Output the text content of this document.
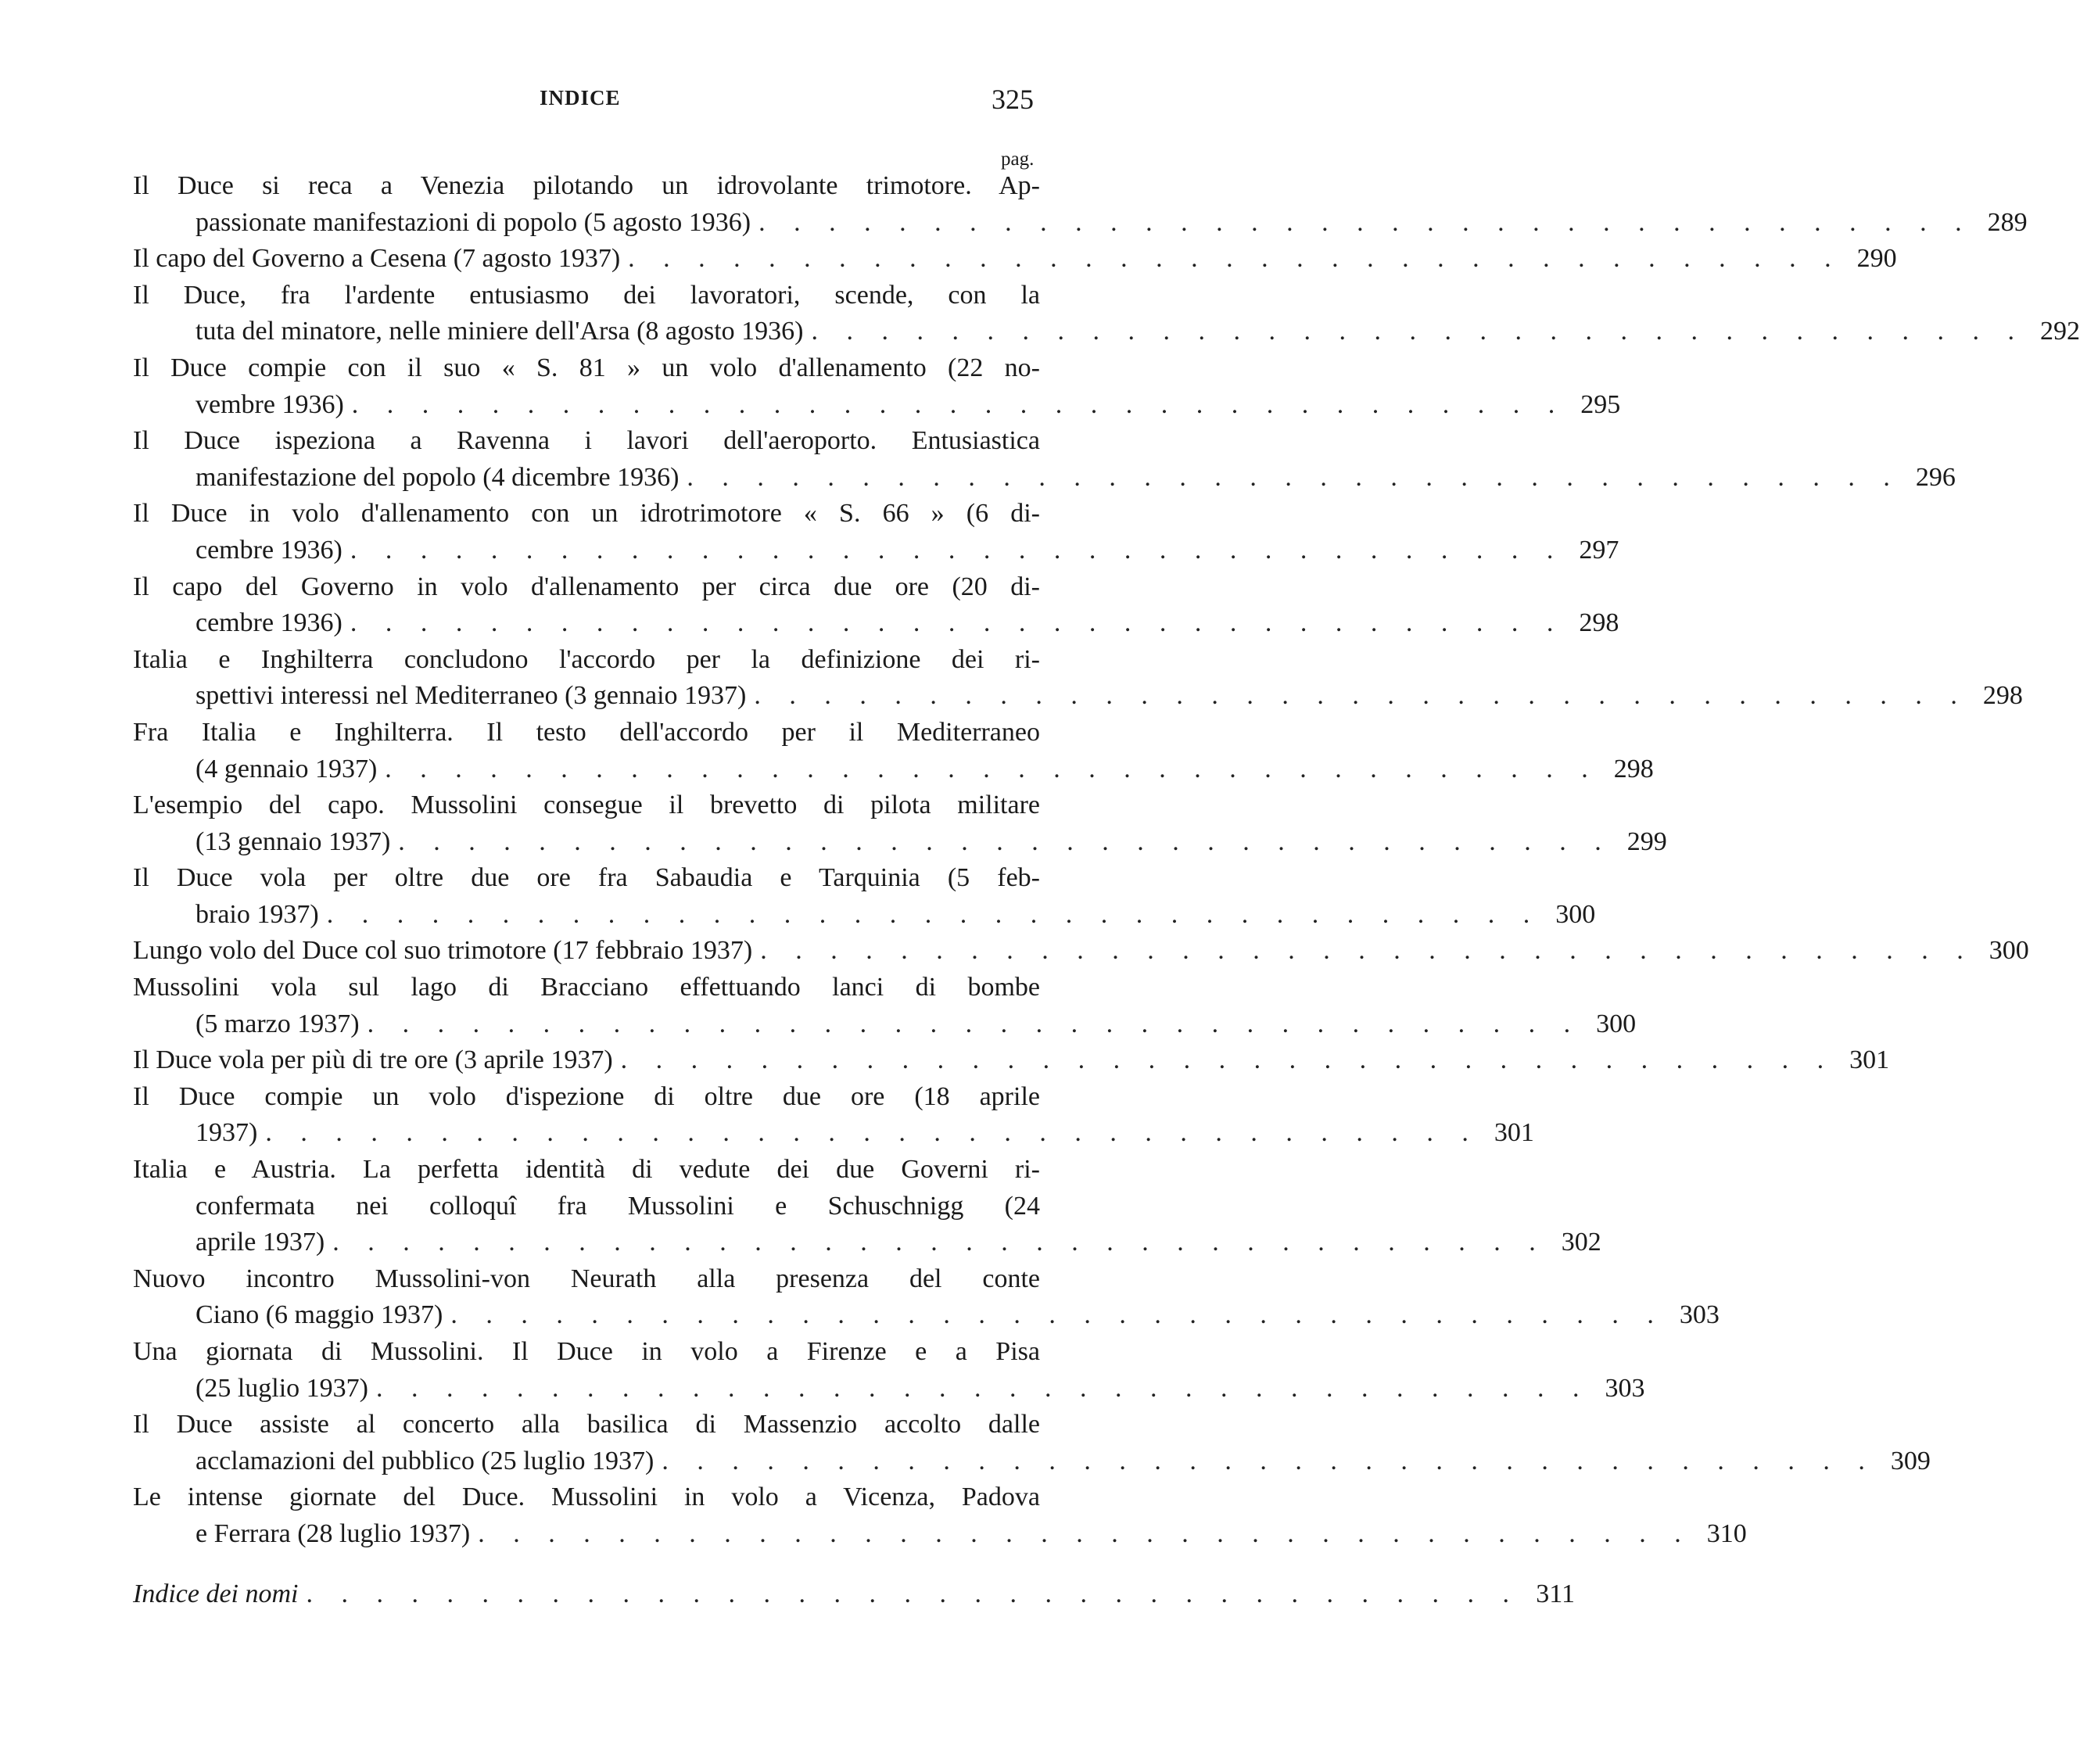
INDICE	325
pag.
Il Duce si reca a Venezia pilotando un idrovolante trimotore. Ap-
passionate manifestazioni di popolo (5 agosto 1936) . . . . . . . . . . . . . . . . . . . . . . . . . . . . . . . . . . . 289
Il capo del Governo a Cesena (7 agosto 1937) . . . . . . . . . . . . . . . . . . . . . . . . . . . . . . . . . . . 290
Il Duce, fra l'ardente entusiasmo dei lavoratori, scende, con la
tuta del minatore, nelle miniere dell'Arsa (8 agosto 1936) . . . . . . . . . . . . . . . . . . . . . . . . . . . . . . . . . . . 292
Il Duce compie con il suo « S. 81 » un volo d'allenamento (22 no-
vembre 1936) . . . . . . . . . . . . . . . . . . . . . . . . . . . . . . . . . . . 295
Il Duce ispeziona a Ravenna i lavori dell'aeroporto. Entusiastica
manifestazione del popolo (4 dicembre 1936) . . . . . . . . . . . . . . . . . . . . . . . . . . . . . . . . . . . 296
Il Duce in volo d'allenamento con un idrotrimotore « S. 66 » (6 di-
cembre 1936) . . . . . . . . . . . . . . . . . . . . . . . . . . . . . . . . . . . 297
Il capo del Governo in volo d'allenamento per circa due ore (20 di-
cembre 1936) . . . . . . . . . . . . . . . . . . . . . . . . . . . . . . . . . . . 298
Italia e Inghilterra concludono l'accordo per la definizione dei ri-
spettivi interessi nel Mediterraneo (3 gennaio 1937) . . . . . . . . . . . . . . . . . . . . . . . . . . . . . . . . . . . 298
Fra Italia e Inghilterra. Il testo dell'accordo per il Mediterraneo
(4 gennaio 1937) . . . . . . . . . . . . . . . . . . . . . . . . . . . . . . . . . . . 298
L'esempio del capo. Mussolini consegue il brevetto di pilota militare
(13 gennaio 1937) . . . . . . . . . . . . . . . . . . . . . . . . . . . . . . . . . . . 299
Il Duce vola per oltre due ore fra Sabaudia e Tarquinia (5 feb-
braio 1937) . . . . . . . . . . . . . . . . . . . . . . . . . . . . . . . . . . . 300
Lungo volo del Duce col suo trimotore (17 febbraio 1937) . . . . . . . . . . . . . . . . . . . . . . . . . . . . . . . . . . . 300
Mussolini vola sul lago di Bracciano effettuando lanci di bombe
(5 marzo 1937) . . . . . . . . . . . . . . . . . . . . . . . . . . . . . . . . . . . 300
Il Duce vola per più di tre ore (3 aprile 1937) . . . . . . . . . . . . . . . . . . . . . . . . . . . . . . . . . . . 301
Il Duce compie un volo d'ispezione di oltre due ore (18 aprile
1937) . . . . . . . . . . . . . . . . . . . . . . . . . . . . . . . . . . . 301
Italia e Austria. La perfetta identità di vedute dei due Governi ri-
confermata nei colloquî fra Mussolini e Schuschnigg (24
aprile 1937) . . . . . . . . . . . . . . . . . . . . . . . . . . . . . . . . . . . 302
Nuovo incontro Mussolini-von Neurath alla presenza del conte
Ciano (6 maggio 1937) . . . . . . . . . . . . . . . . . . . . . . . . . . . . . . . . . . . 303
Una giornata di Mussolini. Il Duce in volo a Firenze e a Pisa
(25 luglio 1937) . . . . . . . . . . . . . . . . . . . . . . . . . . . . . . . . . . . 303
Il Duce assiste al concerto alla basilica di Massenzio accolto dalle
acclamazioni del pubblico (25 luglio 1937) . . . . . . . . . . . . . . . . . . . . . . . . . . . . . . . . . . . 309
Le intense giornate del Duce. Mussolini in volo a Vicenza, Padova
e Ferrara (28 luglio 1937) . . . . . . . . . . . . . . . . . . . . . . . . . . . . . . . . . . . 310
Indice dei nomi . . . . . . . . . . . . . . . . . . . . . . . . . . . . . . . . . . . 311
